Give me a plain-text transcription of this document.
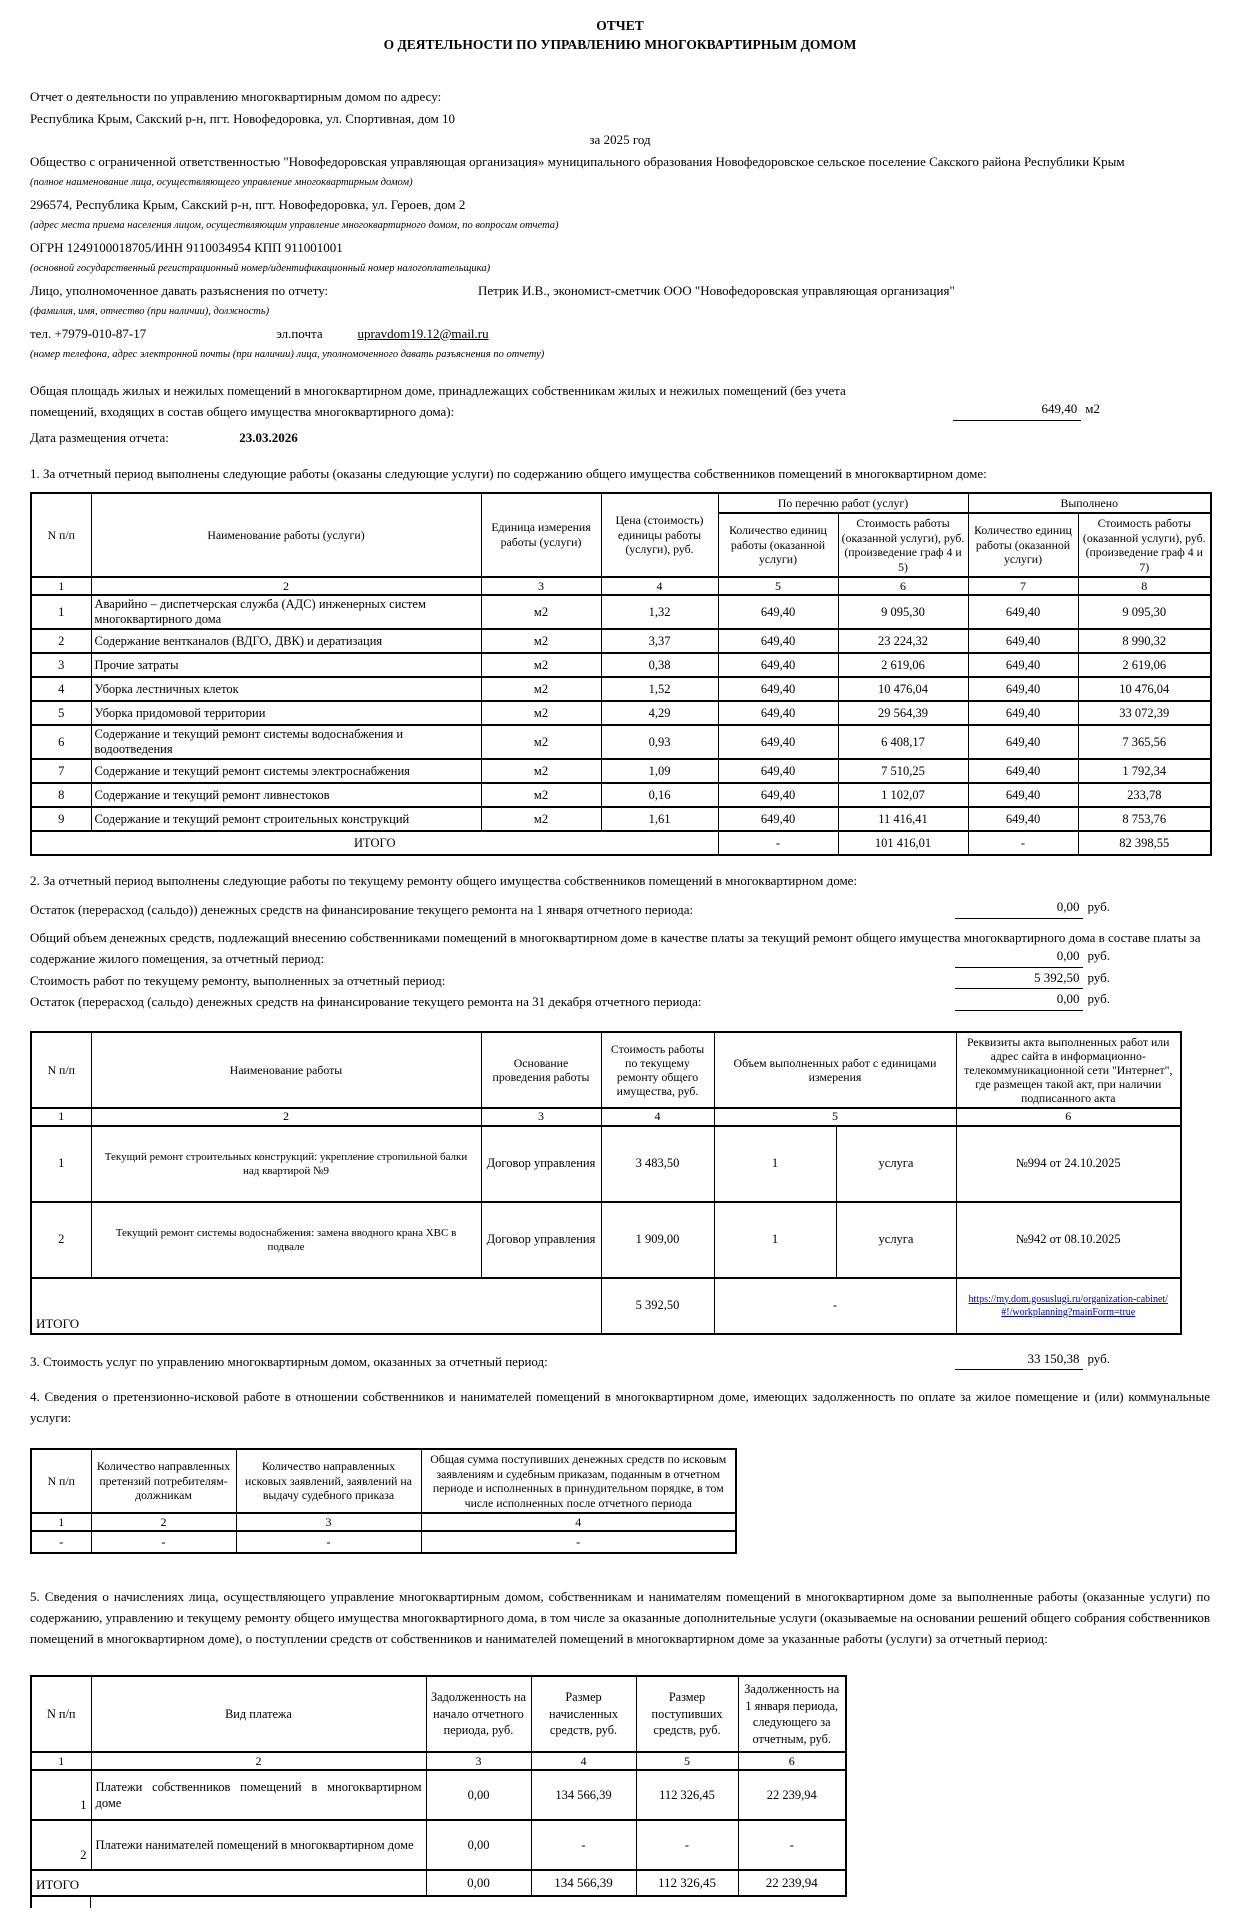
ОТЧЕТ
О ДЕЯТЕЛЬНОСТИ ПО УПРАВЛЕНИЮ МНОГОКВАРТИРНЫМ ДОМОМ

Отчет о деятельности по управлению многоквартирным домом по адресу:

Республика Крым, Сакский р-н, пгт. Новофедоровка, ул. Спортивная, дом 10

за 2025 год

Общество с ограниченной ответственностью "Новофедоровская управляющая организация» муниципального образования Новофедоровское сельское поселение Сакского района Республики Крым

(полное наименование лица, осуществляющего управление многоквартирным домом)

296574, Республика Крым, Сакский р-н, пгт. Новофедоровка, ул. Героев, дом 2

(адрес места приема населения лицом, осуществляющим управление многоквартирного домом, по вопросам отчета)

ОГРН 1249100018705/ИНН 9110034954 КПП 911001001

(основной государственный регистрационный номер/идентификационный номер налогоплательщика)

Лицо, уполномоченное давать разъяснения по отчету:	Петрик И.В., экономист-сметчик ООО "Новофедоровская управляющая организация"

(фамилия, имя, отчество (при наличии), должность)

тел. +7979-010-87-17	эл.почта	upravdom19.12@mail.ru

(номер телефона, адрес электронной почты (при наличии) лица, уполномоченного давать разъяснения по отчету)

Общая площадь жилых и нежилых помещений в многоквартирном доме, принадлежащих собственникам жилых и нежилых помещений (без учета помещений, входящих в состав общего имущества многоквартирного дома):	649,40 м2

Дата размещения отчета:	23.03.2026

1. За отчетный период выполнены следующие работы (оказаны следующие услуги) по содержанию общего имущества собственников помещений в многоквартирном доме:

N п/п	Наименование работы (услуги)	Единица измерения работы (услуги)	Цена (стоимость) единицы работы (услуги), руб.	По перечню работ (услуг)		Выполнено	
				Количество единиц работы (оказанной услуги)	Стоимость работы (оказанной услуги), руб. (произведение граф 4 и 5)	Количество единиц работы (оказанной услуги)	Стоимость работы (оказанной услуги), руб. (произведение граф 4 и 7)
1	2	3	4	5	6	7	8
1	Аварийно – диспетчерская служба (АДС) инженерных систем многоквартирного дома	м2	1,32	649,40	9 095,30	649,40	9 095,30
2	Содержание вентканалов (ВДГО, ДВК) и дератизация	м2	3,37	649,40	23 224,32	649,40	8 990,32
3	Прочие затраты	м2	0,38	649,40	2 619,06	649,40	2 619,06
4	Уборка лестничных клеток	м2	1,52	649,40	10 476,04	649,40	10 476,04
5	Уборка придомовой территории	м2	4,29	649,40	29 564,39	649,40	33 072,39
6	Содержание и текущий ремонт системы водоснабжения и водоотведения	м2	0,93	649,40	6 408,17	649,40	7 365,56
7	Содержание и текущий ремонт системы электроснабжения	м2	1,09	649,40	7 510,25	649,40	1 792,34
8	Содержание и текущий ремонт ливнестоков	м2	0,16	649,40	1 102,07	649,40	233,78
9	Содержание и текущий ремонт строительных конструкций	м2	1,61	649,40	11 416,41	649,40	8 753,76
ИТОГО				-	101 416,01	-	82 398,55

2. За отчетный период выполнены следующие работы по текущему ремонту общего имущества собственников помещений в многоквартирном доме:

Остаток (перерасход (сальдо)) денежных средств на финансирование текущего ремонта на 1 января отчетного периода:	0,00 руб.
Общий объем денежных средств, подлежащий внесению собственниками помещений в многоквартирном доме в качестве платы за текущий ремонт общего имущества многоквартирного дома в составе платы за содержание жилого помещения, за отчетный период:	0,00 руб.
Стоимость работ по текущему ремонту, выполненных за отчетный период:	5 392,50 руб.
Остаток (перерасход (сальдо) денежных средств на финансирование текущего ремонта на 31 декабря отчетного периода:	0,00 руб.
N п/п	Наименование работы	Основание проведения работы	Стоимость работы по текущему ремонту общего имущества, руб.	Объем выполненных работ с единицами измерения		Реквизиты акта выполненных работ или адрес сайта в информационно-телекоммуникационной сети "Интернет", где размещен такой акт, при наличии подписанного акта
1	2	3	4	5		6
1	Текущий ремонт строительных конструкций: укрепление стропильной балки над квартирой №9	Договор управления	3 483,50	1	услуга	№994 от 24.10.2025
2	Текущий ремонт системы водоснабжения: замена вводного крана ХВС в подвале	Договор управления	1 909,00	1	услуга	№942 от 08.10.2025
ИТОГО			5 392,50	-		https://my.dom.gosuslugi.ru/organization-cabinet/#!/workplanning?mainForm=true
3. Стоимость услуг по управлению многоквартирным домом, оказанных за отчетный период:	33 150,38 руб.

4. Сведения о претензионно-исковой работе в отношении собственников и нанимателей помещений в многоквартирном доме, имеющих задолженность по оплате за жилое помещение и (или) коммунальные услуги:

N п/п	Количество направленных претензий потребителям-должникам	Количество направленных исковых заявлений, заявлений на выдачу судебного приказа	Общая сумма поступивших денежных средств по исковым заявлениям и судебным приказам, поданным в отчетном периоде и исполненных в принудительном порядке, в том числе исполненных после отчетного периода
1	2	3	4
-	-	-	-

5. Сведения о начислениях лица, осуществляющего управление многоквартирным домом, собственникам и нанимателям помещений в многоквартирном доме за выполненные работы (оказанные услуги) по содержанию, управлению и текущему ремонту общего имущества многоквартирного дома, в том числе за оказанные дополнительные услуги (оказываемые на основании решений общего собрания собственников помещений в многоквартирном доме), о поступлении средств от собственников и нанимателей помещений в многоквартирном доме за указанные работы (услуги) за отчетный период:

N п/п	Вид платежа	Задолженность на начало отчетного периода, руб.	Размер начисленных средств, руб.	Размер поступивших средств, руб.	Задолженность на 1 января периода, следующего за отчетным, руб.
1	2	3	4	5	6
1	Платежи собственников помещений в многоквартирном доме	0,00	134 566,39	112 326,45	22 239,94
2	Платежи нанимателей помещений в многоквартирном доме	0,00	-	-	-
ИТОГО		0,00	134 566,39	112 326,45	22 239,94
